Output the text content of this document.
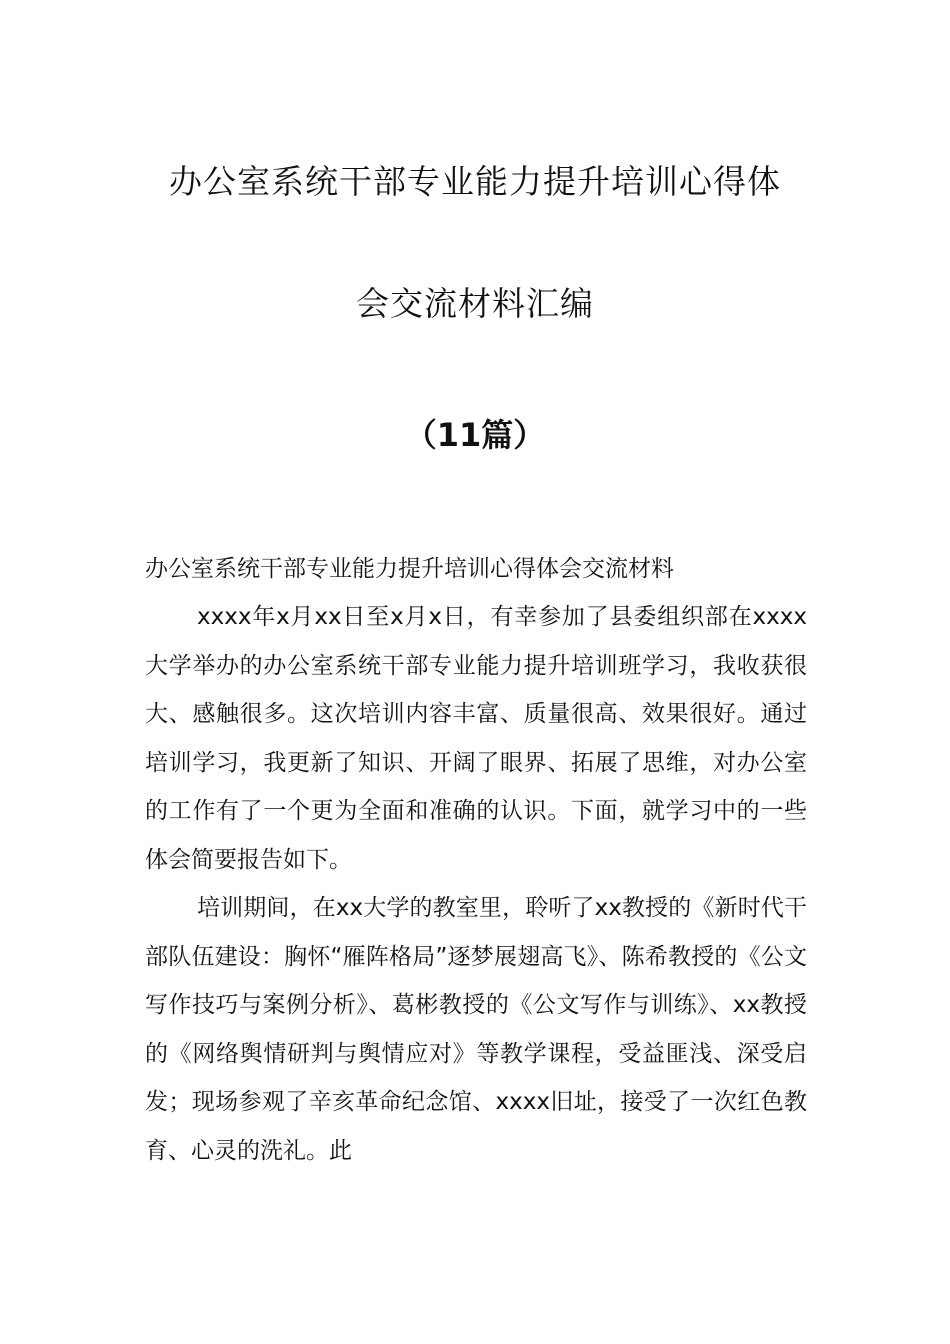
办公室系统干部专业能力提升培训心得体
会交流材料汇编
（11篇）
办公室系统干部专业能力提升培训心得体会交流材料

xxxx年x月xx日至x月x日，有幸参加了县委组织部在xxxx大学举办的办公室系统干部专业能力提升培训班学习，我收获很大、感触很多。这次培训内容丰富、质量很高、效果很好。通过培训学习，我更新了知识、开阔了眼界、拓展了思维，对办公室的工作有了一个更为全面和准确的认识。下面，就学习中的一些体会简要报告如下。

培训期间，在xx大学的教室里，聆听了xx教授的《新时代干部队伍建设：胸怀“雁阵格局”逐梦展翅高飞》、陈希教授的《公文写作技巧与案例分析》、葛彬教授的《公文写作与训练》、xx教授的《网络舆情研判与舆情应对》等教学课程，受益匪浅、深受启发；现场参观了辛亥革命纪念馆、xxxx旧址，接受了一次红色教育、心灵的洗礼。此
